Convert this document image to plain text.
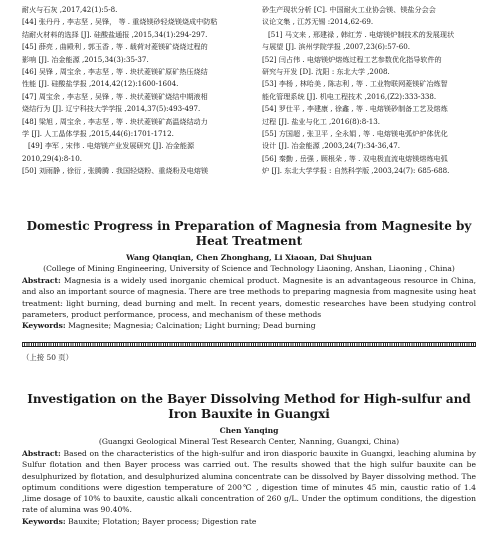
耐火与石灰 ,2017,42(1):5-8.
[44] 张丹丹 , 李志坚 , 吴锋， 等 . 重烧镁砂轻烧镁烧成中防粘
结耐火材料的选择 [J]. 硅酸盐通报 ,2015,34(1):294-297.
[45] 薛亮 , 曲殿利 , 郭玉香 , 等 . 载荷对菱镁矿烧烧过程的
影响 [J]. 冶金能源 ,2015,34(3):35-37.
[46] 吴锋 , 周宝余 , 李志坚 , 等 . 块状菱镁矿原矿热压烧结
性能 [J]. 硅酸盐学报 ,2014,42(12):1600-1604.
[47] 周宝余 , 李志坚 , 吴锋 , 等 . 块状菱镁矿烧结中期液相
烧结行为 [J]. 辽宁科技大学学报 ,2014,37(5):493-497.
[48] 梁旭 , 周宝余 , 李志坚 , 等 . 块状菱镁矿高温烧结动力
学 [J]. 人工晶体学报 ,2015,44(6):1701-1712.
[49] 李军 , 宋伟 . 电熔镁产业发展研究 [J]. 冶金能源
2010,29(4):8-10.
[50] 刘雨静 , 徐衍 , 张腾腾 . 我国轻烧粉、重烧粉及电熔镁
砂生产现状分析 [C]. 中国耐火工业协会镁、镁盐分会会
议论文集 , 江苏无锡 :2014,62-69.
[51] 马文来 , 邢建禄 , 韩红芳 . 电熔镁炉制技术的发展现状
与展望 [J]. 滨州学院学报 ,2007,23(6):57-60.
[52] 闫占伟 . 电熔镁炉熔炼过程工艺参数优化指导软件的
研究与开发 [D]. 沈阳 : 东北大学 ,2008.
[53] 李杨 , 林哈美 , 陈志利 , 等 . 工业物联网菱镁矿冶炼智
能化管理系统 [J]. 机电工程技术 ,2016,(Z2):333-338.
[54] 罗仕平 , 李建康 , 徐鑫 , 等 . 电熔镁砂制备工艺及熔炼
过程 [J]. 盐业与化工 ,2016(8):8-13.
[55] 方国超 , 张卫平 , 全永娟 , 等 . 电熔镁电弧炉炉体优化
设计 [J]. 冶金能源 ,2003,24(7):34-36,47.
[56] 秦勤 , 岳强 , 顾根朵 , 等 . 双电极直流电熔镁熔炼电弧
炉 [J]. 东北大学学报 : 自然科学版 ,2003,24(7): 685-688.
Domestic Progress in Preparation of Magnesia from Magnesite by Heat Treatment
Wang Qianqian, Chen Zhonghang, Li Xiaoan, Dai Shujuan
(College of Mining Engineering, University of Science and Technology Liaoning, Anshan, Liaoning , China)
Abstract: Magnesia is a widely used inorganic chemical product. Magnesite is an advantageous resource in China, and also an important source of magnesia. There are tree methods to preparing magnesia from magnesite using heat treatment: light burning, dead burning and melt. In recent years, domestic researches have been studying control parameters, product performance, process, and mechanism of these methods
Keywords: Magnesite; Magnesia; Calcination; Light burning; Dead burning
（上接 50 页）
Investigation on the Bayer Dissolving Method for High-sulfur and Iron Bauxite in Guangxi
Chen Yanqing
(Guangxi Geological Mineral Test Research Center, Nanning, Guangxi, China)
Abstract: Based on the characteristics of the high-sulfur and iron diasporic bauxite in Guangxi, leaching alumina by Sulfur flotation and then Bayer process was carried out. The results showed that the high sulfur bauxite can be desulphurized by flotation, and desulphurized alumina concentrate can be dissolved by Bayer dissolving method. The optimum conditions were digestion temperature of 200℃ , digestion time of minutes 45 min, caustic ratio of 1.4 ,lime dosage of 10% to bauxite, caustic alkali concentration of 260 g/L. Under the optimum conditions, the digestion rate of alumina was 90.40%.
Keywords: Bauxite; Flotation; Bayer process; Digestion rate
